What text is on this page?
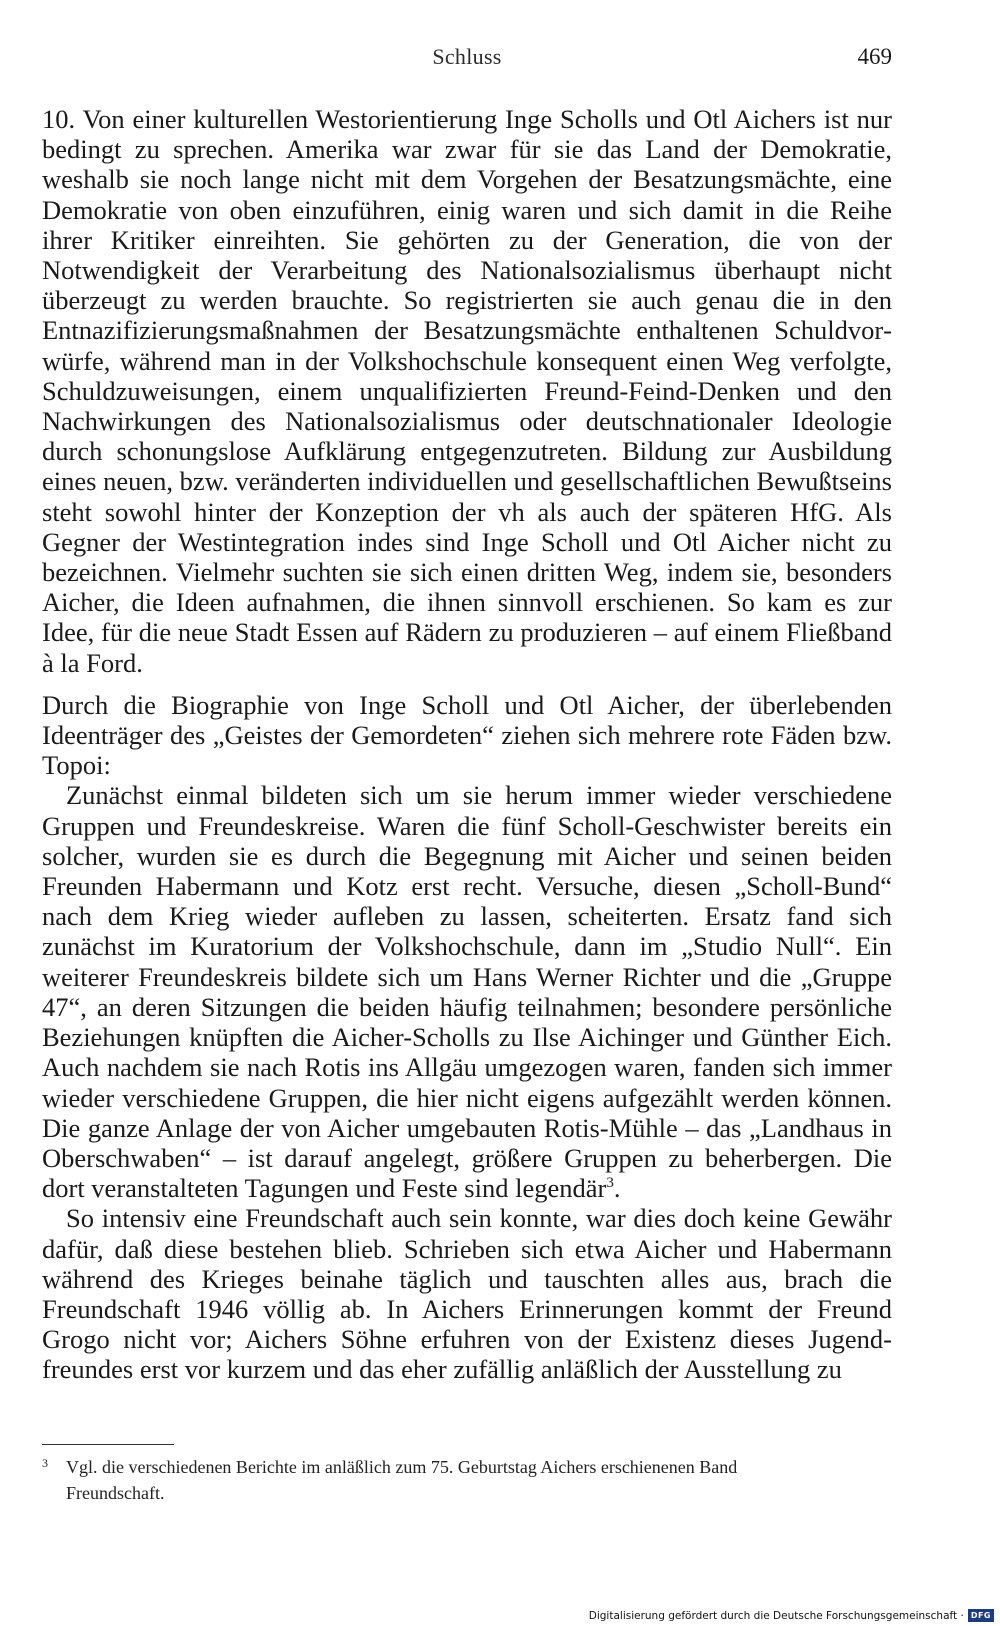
Schluss	469

10. Von einer kulturellen Westorientierung Inge Scholls und Otl Aichers ist nur bedingt zu sprechen. Amerika war zwar für sie das Land der Demokratie, weshalb sie noch lange nicht mit dem Vorgehen der Besatzungsmächte, eine Demokratie von oben einzuführen, einig waren und sich damit in die Reihe ihrer Kritiker einreihten. Sie gehörten zu der Generation, die von der Notwendigkeit der Verarbeitung des Nationalsozialismus überhaupt nicht überzeugt zu werden brauchte. So registrierten sie auch genau die in den Entnazifizierungsmaßnahmen der Besatzungsmächte enthaltenen Schuldvorwürfe, während man in der Volkshochschule konsequent einen Weg verfolgte, Schuldzuweisungen, einem unqualifizierten Freund-Feind-Denken und den Nachwirkungen des Nationalsozialismus oder deutschnationaler Ideologie durch schonungslose Aufklärung entgegenzutreten. Bildung zur Ausbildung eines neuen, bzw. veränderten individuellen und gesellschaftlichen Bewußtseins steht sowohl hinter der Konzeption der vh als auch der späteren HfG. Als Gegner der Westintegration indes sind Inge Scholl und Otl Aicher nicht zu bezeichnen. Vielmehr suchten sie sich einen dritten Weg, indem sie, besonders Aicher, die Ideen aufnahmen, die ihnen sinnvoll erschienen. So kam es zur Idee, für die neue Stadt Essen auf Rädern zu produzieren – auf einem Fließband à la Ford.

Durch die Biographie von Inge Scholl und Otl Aicher, der überlebenden Ideenträger des „Geistes der Gemordeten“ ziehen sich mehrere rote Fäden bzw. Topoi:

Zunächst einmal bildeten sich um sie herum immer wieder verschiedene Gruppen und Freundeskreise. Waren die fünf Scholl-Geschwister bereits ein solcher, wurden sie es durch die Begegnung mit Aicher und seinen beiden Freunden Habermann und Kotz erst recht. Versuche, diesen „Scholl-Bund“ nach dem Krieg wieder aufleben zu lassen, scheiterten. Ersatz fand sich zunächst im Kuratorium der Volkshochschule, dann im „Studio Null“. Ein weiterer Freundeskreis bildete sich um Hans Werner Richter und die „Gruppe 47“, an deren Sitzungen die beiden häufig teilnahmen; besondere persönliche Beziehungen knüpften die Aicher-Scholls zu Ilse Aichinger und Günther Eich. Auch nachdem sie nach Rotis ins Allgäu umgezogen waren, fanden sich immer wieder verschiedene Gruppen, die hier nicht eigens aufgezählt werden können. Die ganze Anlage der von Aicher umgebauten Rotis-Mühle – das „Landhaus in Oberschwaben“ – ist darauf angelegt, größere Gruppen zu beherbergen. Die dort veranstalteten Tagungen und Feste sind legendär$^3$.

So intensiv eine Freundschaft auch sein konnte, war dies doch keine Gewähr dafür, daß diese bestehen blieb. Schrieben sich etwa Aicher und Habermann während des Krieges beinahe täglich und tauschten alles aus, brach die Freundschaft 1946 völlig ab. In Aichers Erinnerungen kommt der Freund Grogo nicht vor; Aichers Söhne erfuhren von der Existenz dieses Jugendfreundes erst vor kurzem und das eher zufällig anläßlich der Ausstellung zu

3 Vgl. die verschiedenen Berichte im anläßlich zum 75. Geburtstag Aichers erschienenen Band
Freundschaft.
Digitalisierung gefördert durch die Deutsche Forschungsgemeinschaft · DFG
